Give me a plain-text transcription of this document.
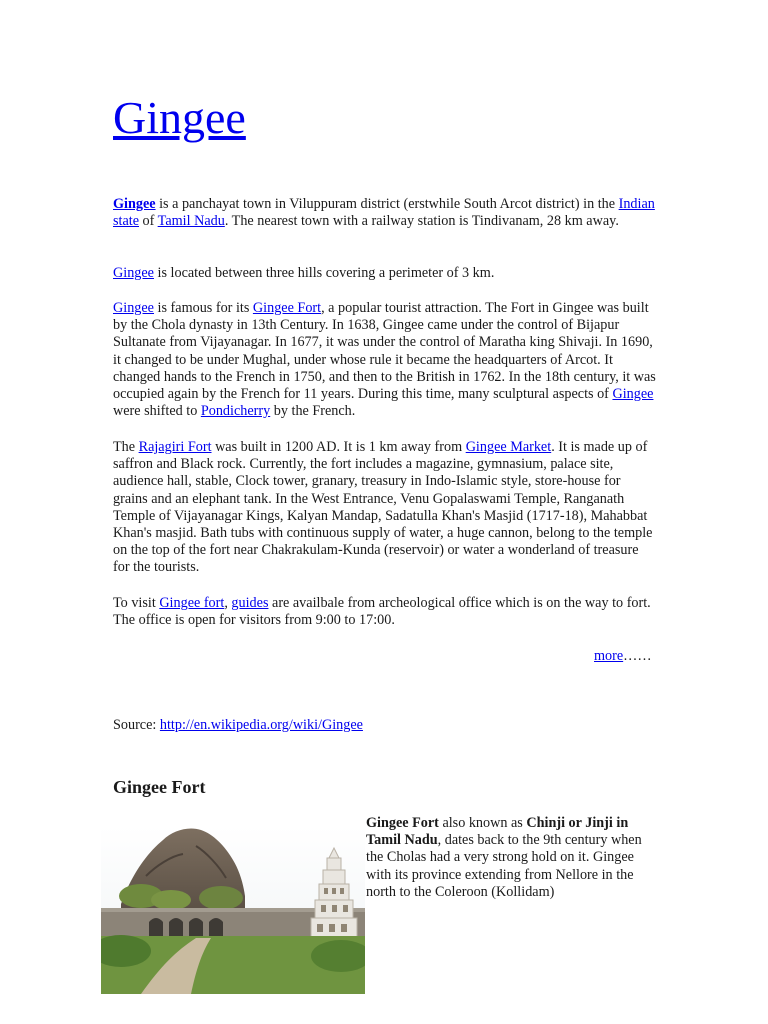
Gingee

Gingee is a panchayat town in Viluppuram district (erstwhile South Arcot district) in the Indian state of Tamil Nadu. The nearest town with a railway station is Tindivanam, 28 km away.

Gingee is located between three hills covering a perimeter of 3 km.

Gingee is famous for its Gingee Fort, a popular tourist attraction. The Fort in Gingee was built by the Chola dynasty in 13th Century. In 1638, Gingee came under the control of Bijapur Sultanate from Vijayanagar. In 1677, it was under the control of Maratha king Shivaji. In 1690, it changed to be under Mughal, under whose rule it became the headquarters of Arcot. It changed hands to the French in 1750, and then to the British in 1762. In the 18th century, it was occupied again by the French for 11 years. During this time, many sculptural aspects of Gingee were shifted to Pondicherry by the French.

The Rajagiri Fort was built in 1200 AD. It is 1 km away from Gingee Market. It is made up of saffron and Black rock. Currently, the fort includes a magazine, gymnasium, palace site, audience hall, stable, Clock tower, granary, treasury in Indo-Islamic style, store-house for grains and an elephant tank. In the West Entrance, Venu Gopalaswami Temple, Ranganath Temple of Vijayanagar Kings, Kalyan Mandap, Sadatulla Khan's Masjid (1717-18), Mahabbat Khan's masjid. Bath tubs with continuous supply of water, a huge cannon, belong to the temple on the top of the fort near Chakrakulam-Kunda (reservoir) or water a wonderland of treasure for the tourists.

To visit Gingee fort, guides are availbale from archeological office which is on the way to fort. The office is open for visitors from 9:00 to 17:00.

more……

Source: http://en.wikipedia.org/wiki/Gingee

Gingee Fort

Gingee Fort also known as Chinji or Jinji in Tamil Nadu, dates back to the 9th century when the Cholas had a very strong hold on it. Gingee with its province extending from Nellore in the north to the Coleroon (Kollidam)
